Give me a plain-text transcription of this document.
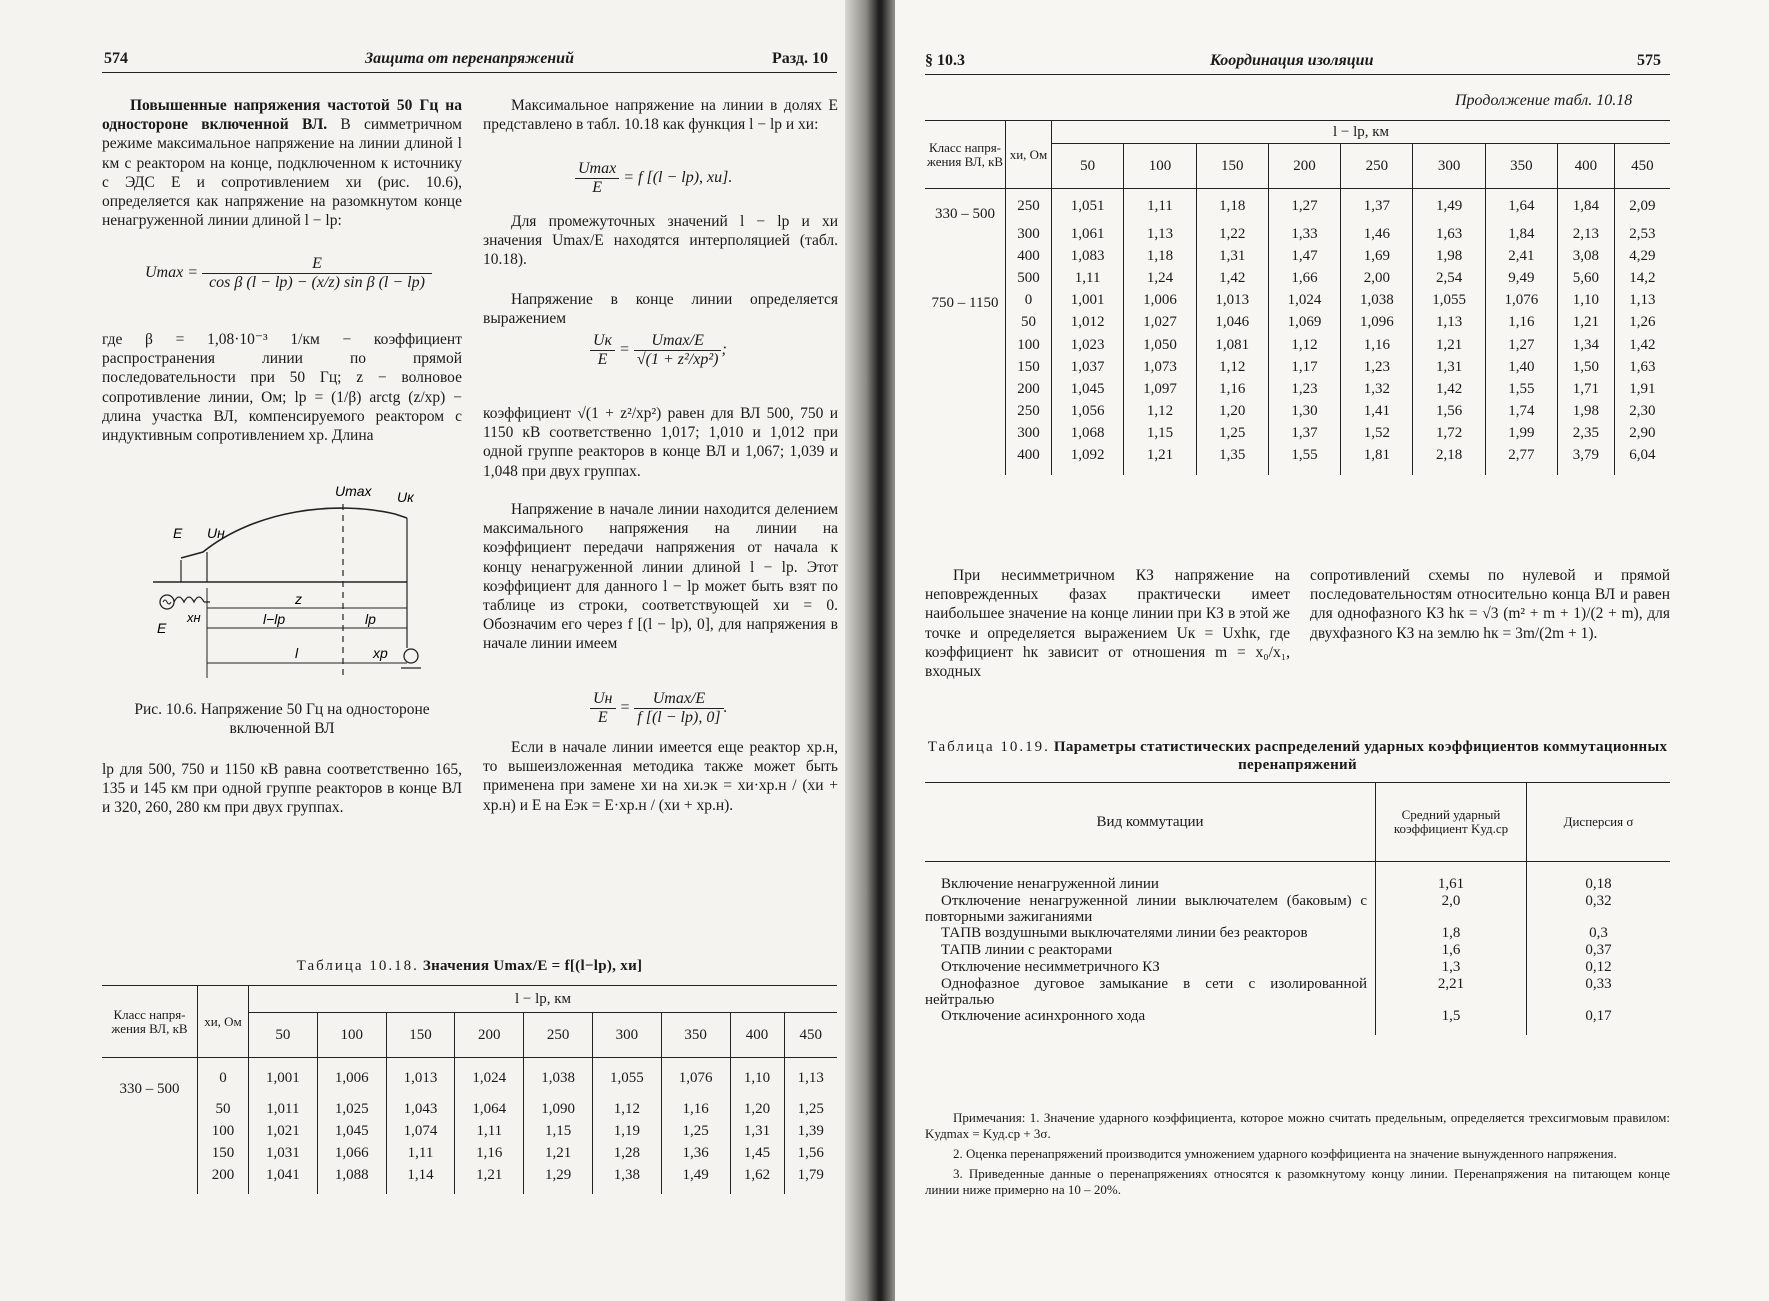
574	Защита от перенапряжений	Разд. 10
Повышенные напряжения частотой 50 Гц на одностороне включенной ВЛ. В симметричном режиме максимальное напряжение на линии длиной l км с реактором на конце, подключенном к источнику с ЭДС E и сопротивлением xи (рис. 10.6), определяется как напряжение на разомкнутом конце ненагруженной линии длиной l − lр:
$Umax = \frac{E}{\text{cos β (l − lр) − (x/z) sin β (l − lр)}}$
где β = 1,08·10⁻³ 1/км − коэффициент распространения линии по прямой последовательности при 50 Гц; z − волновое сопротивление линии, Ом; lр = (1/β) arctg (z/xр) − длина участка ВЛ, компенсируемого реактором с индуктивным сопротивлением xр. Длина
E Uн
Umax Uк
E
xн
z
l−lр	lр
l	xр
Рис. 10.6. Напряжение 50 Гц на одностороне включенной ВЛ
lр для 500, 750 и 1150 кВ равна соответственно 165, 135 и 145 км при одной группе реакторов в конце ВЛ и 320, 260, 280 км при двух группах.
Максимальное напряжение на линии в долях E представлено в табл. 10.18 как функция l − lр и xи:
$\frac{Umax}{E} = f$ [(l − lр), xи].
Для промежуточных значений l − lр и xи значения Umax/E находятся интерполяцией (табл. 10.18).
Напряжение в конце линии определяется выражением
$\frac{Uк}{E} = \frac{Umax/E}{\text{√(1 + z²/xр²)}}$ ;
коэффициент √(1 + z²/xр²) равен для ВЛ 500, 750 и 1150 кВ соответственно 1,017; 1,010 и 1,012 при одной группе реакторов в конце ВЛ и 1,067; 1,039 и 1,048 при двух группах.
Напряжение в начале линии находится делением максимального напряжения на линии на коэффициент передачи напряжения от начала к концу ненагруженной линии длиной l − lр. Этот коэффициент для данного l − lр может быть взят по таблице из строки, соответствующей xи = 0. Обозначим его через f [(l − lр), 0], для напряжения в начале линии имеем
$\frac{Uн}{E} = \frac{Umax/E}{f [(l - lр), 0]}$ .
Если в начале линии имеется еще реактор xр.н, то вышеизложенная методика также может быть применена при замене xи на xи.эк = xи·xр.н / (xи + xр.н) и E на Eэк = E·xр.н / (xи + xр.н).
Таблица 10.18. Значения Umax/E = f[(l−lр), xи]
Класс напря- жения ВЛ, кВ	xи, Ом	l − lр, км								
		50	100	150	200	250	300	350	400	450
330 – 500	0	1,001	1,006	1,013	1,024	1,038	1,055	1,076	1,10	1,13
	50	1,011	1,025	1,043	1,064	1,090	1,12	1,16	1,20	1,25
	100	1,021	1,045	1,074	1,11	1,15	1,19	1,25	1,31	1,39
	150	1,031	1,066	1,11	1,16	1,21	1,28	1,36	1,45	1,56
	200	1,041	1,088	1,14	1,21	1,29	1,38	1,49	1,62	1,79

§ 10.3	Координация изоляции	575
Продолжение табл. 10.18
Класс напря- жения ВЛ, кВ	xи, Ом	l − lр, км								
		50	100	150	200	250	300	350	400	450
330 – 500	250	1,051	1,11	1,18	1,27	1,37	1,49	1,64	1,84	2,09
	300	1,061	1,13	1,22	1,33	1,46	1,63	1,84	2,13	2,53
	400	1,083	1,18	1,31	1,47	1,69	1,98	2,41	3,08	4,29
	500	1,11	1,24	1,42	1,66	2,00	2,54	9,49	5,60	14,2
750 – 1150	0	1,001	1,006	1,013	1,024	1,038	1,055	1,076	1,10	1,13
	50	1,012	1,027	1,046	1,069	1,096	1,13	1,16	1,21	1,26
	100	1,023	1,050	1,081	1,12	1,16	1,21	1,27	1,34	1,42
	150	1,037	1,073	1,12	1,17	1,23	1,31	1,40	1,50	1,63
	200	1,045	1,097	1,16	1,23	1,32	1,42	1,55	1,71	1,91
	250	1,056	1,12	1,20	1,30	1,41	1,56	1,74	1,98	2,30
	300	1,068	1,15	1,25	1,37	1,52	1,72	1,99	2,35	2,90
	400	1,092	1,21	1,35	1,55	1,81	2,18	2,77	3,79	6,04

При несимметричном КЗ напряжение на неповрежденных фазах практически имеет наибольшее значение на конце линии при КЗ в этой же точке и определяется выражением Uк = Uхhк, где коэффициент hк зависит от отношения m = x₀/x₁, входных
сопротивлений схемы по нулевой и прямой последовательностям относительно конца ВЛ и равен для однофазного КЗ hк = √3 (m² + m + 1)/(2 + m), для двухфазного КЗ на землю hк = 3m/(2m + 1).
Таблица 10.19. Параметры статистических распределений ударных коэффициентов коммутационных перенапряжений
Вид коммутации	Средний ударный коэффициент Kуд.ср	Дисперсия σ
Включение ненагруженной линии	1,61	0,18
Отключение ненагруженной линии выключателем (баковым) с повторными зажиганиями	2,0	0,32
ТАПВ воздушными выключателями линии без реакторов	1,8	0,3
ТАПВ линии с реакторами	1,6	0,37
Отключение несимметричного КЗ	1,3	0,12
Однофазное дуговое замыкание в сети с изолированной нейтралью	2,21	0,33
Отключение асинхронного хода	1,5	0,17

Примечания: 1. Значение ударного коэффициента, которое можно считать предельным, определяется трехсигмовым правилом: Kудmax = Kуд.ср + 3σ.

2. Оценка перенапряжений производится умножением ударного коэффициента на значение вынужденного напряжения.

3. Приведенные данные о перенапряжениях относятся к разомкнутому концу линии. Перенапряжения на питающем конце линии ниже примерно на 10 – 20%.
